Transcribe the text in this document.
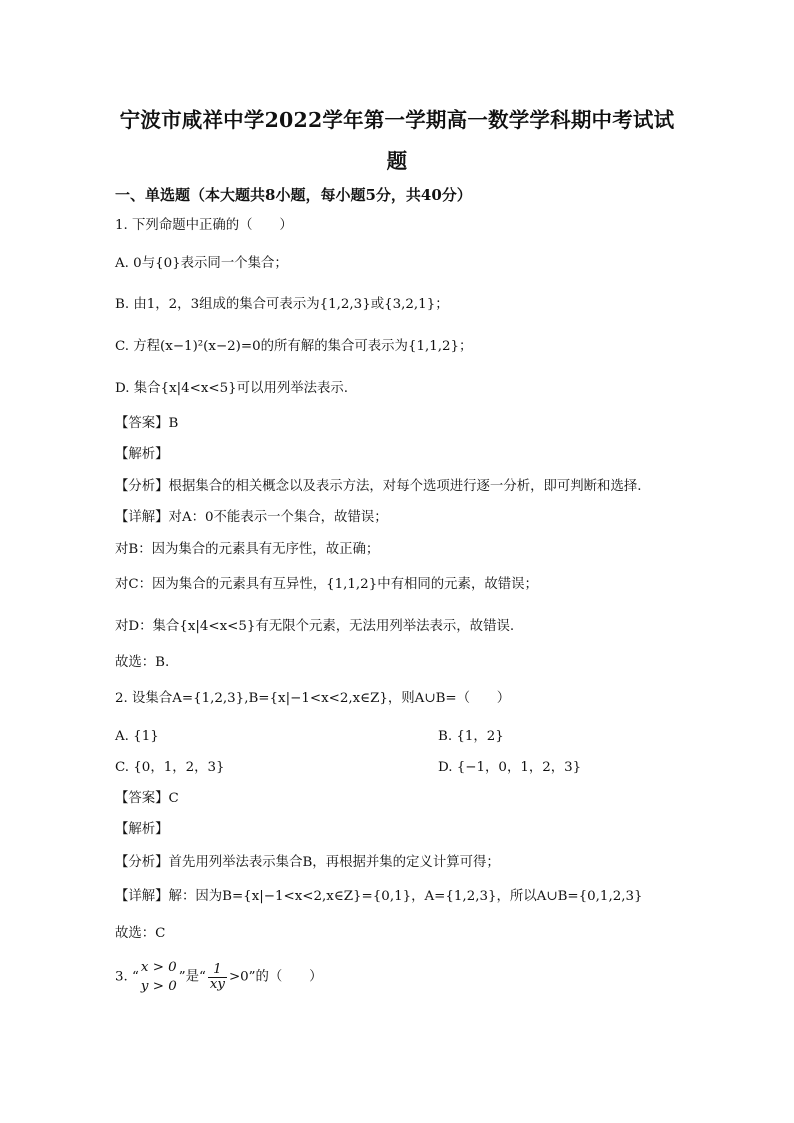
宁波市咸祥中学2022学年第一学期高一数学学科期中考试试
题
一、单选题（本大题共8小题，每小题5分，共40分）
1. 下列命题中正确的（　　）
A. 0与{0}表示同一个集合；
B. 由1，2，3组成的集合可表示为{1,2,3}或{3,2,1}；
C. 方程(x−1)²(x−2)=0的所有解的集合可表示为{1,1,2}；
D. 集合{x|4<x<5}可以用列举法表示.
【答案】B
【解析】
【分析】根据集合的相关概念以及表示方法，对每个选项进行逐一分析，即可判断和选择.
【详解】对A：0不能表示一个集合，故错误；
对B：因为集合的元素具有无序性，故正确；
对C：因为集合的元素具有互异性，{1,1,2}中有相同的元素，故错误；
对D：集合{x|4<x<5}有无限个元素，无法用列举法表示，故错误.
故选：B.
2. 设集合A={1,2,3},B={x|−1<x<2,x∈Z}，则A∪B=（　　）
A. {1}	B. {1，2}
C. {0，1，2，3}	D. {−1，0，1，2，3}
【答案】C
【解析】
【分析】首先用列举法表示集合B，再根据并集的定义计算可得；
【详解】解：因为B={x|−1<x<2,x∈Z}={0,1}，A={1,2,3}，所以A∪B={0,1,2,3}
故选：C
3. “
x > 0
y > 0
”是“ $\frac{1}{xy} >0$”的（　　）
